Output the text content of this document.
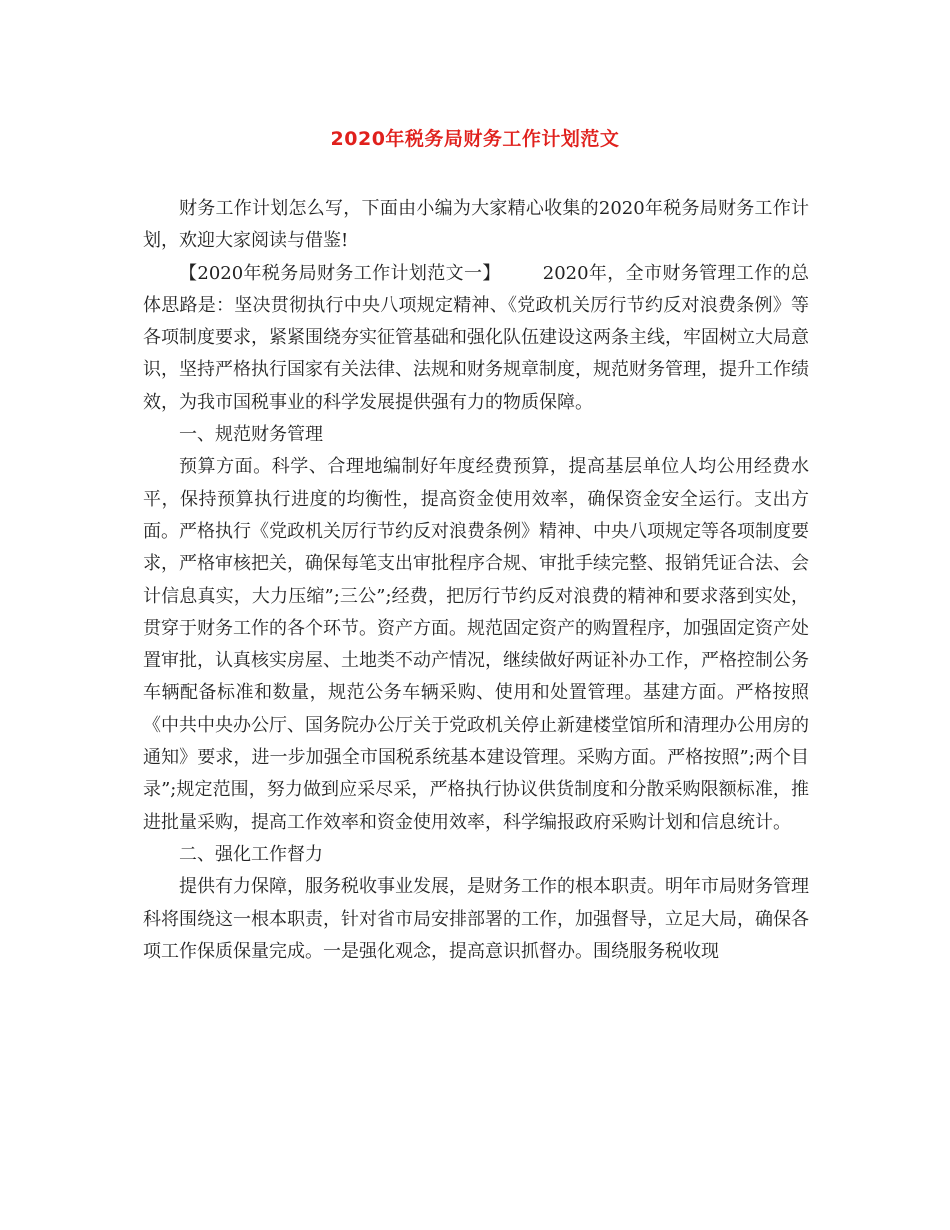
2020年税务局财务工作计划范文

财务工作计划怎么写，下面由小编为大家精心收集的2020年税务局财务工作计划，欢迎大家阅读与借鉴!

【2020年税务局财务工作计划范文一】 2020年，全市财务管理工作的总体思路是：坚决贯彻执行中央八项规定精神、《党政机关厉行节约反对浪费条例》等各项制度要求，紧紧围绕夯实征管基础和强化队伍建设这两条主线，牢固树立大局意识，坚持严格执行国家有关法律、法规和财务规章制度，规范财务管理，提升工作绩效，为我市国税事业的科学发展提供强有力的物质保障。

一、规范财务管理

预算方面。科学、合理地编制好年度经费预算，提高基层单位人均公用经费水平，保持预算执行进度的均衡性，提高资金使用效率，确保资金安全运行。支出方面。严格执行《党政机关厉行节约反对浪费条例》精神、中央八项规定等各项制度要求，严格审核把关，确保每笔支出审批程序合规、审批手续完整、报销凭证合法、会计信息真实，大力压缩”;三公”;经费，把厉行节约反对浪费的精神和要求落到实处，贯穿于财务工作的各个环节。资产方面。规范固定资产的购置程序，加强固定资产处置审批，认真核实房屋、土地类不动产情况，继续做好两证补办工作，严格控制公务车辆配备标准和数量，规范公务车辆采购、使用和处置管理。基建方面。严格按照《中共中央办公厅、国务院办公厅关于党政机关停止新建楼堂馆所和清理办公用房的通知》要求，进一步加强全市国税系统基本建设管理。采购方面。严格按照”;两个目录”;规定范围，努力做到应采尽采，严格执行协议供货制度和分散采购限额标准，推进批量采购，提高工作效率和资金使用效率，科学编报政府采购计划和信息统计。

二、强化工作督力

提供有力保障，服务税收事业发展，是财务工作的根本职责。明年市局财务管理科将围绕这一根本职责，针对省市局安排部署的工作，加强督导，立足大局，确保各项工作保质保量完成。一是强化观念，提高意识抓督办。围绕服务税收现
